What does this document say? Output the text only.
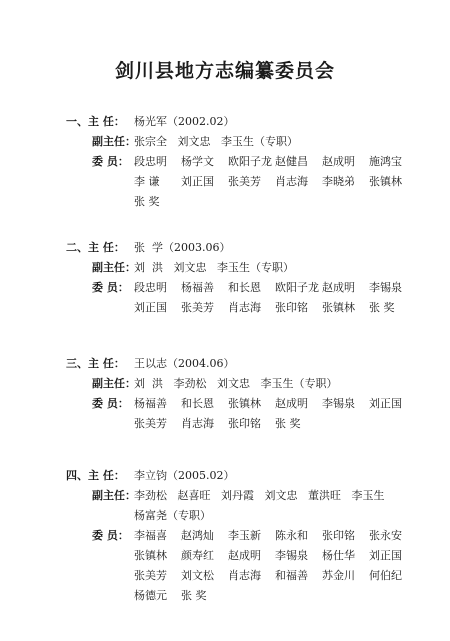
剑川县地方志编纂委员会
一、主 任： 杨光军（2002.02）
副主任：
张宗全   刘文忠   李玉生（专职）
委 员： 段忠明 杨学文 欧阳子龙 赵健昌 赵成明 施鸿宝
李 谦 刘正国 张美芳 肖志海 李晓弟 张镇林
张 奖
二、主 任： 张  学（2003.06）
副主任：
刘  洪   刘文忠   李玉生（专职）
委 员： 段忠明 杨福善 和长恩 欧阳子龙 赵成明 李锡泉
刘正国 张美芳 肖志海 张印铭 张镇林 张 奖
三、主 任： 王以志（2004.06）
副主任：
刘  洪   李劲松   刘文忠   李玉生（专职）
委 员： 杨福善 和长恩 张镇林 赵成明 李锡泉 刘正国
张美芳 肖志海 张印铭 张 奖
四、主 任： 李立钧（2005.02）
副主任：
李劲松   赵喜旺   刘丹霞   刘文忠   董洪旺   李玉生
杨富尧（专职）
委 员： 李福喜 赵鸿灿 李玉新 陈永和 张印铭 张永安
张镇林 颜寿红 赵成明 李锡泉 杨仕华 刘正国
张美芳 刘文松 肖志海 和福善 苏金川 何伯纪
杨德元 张 奖
